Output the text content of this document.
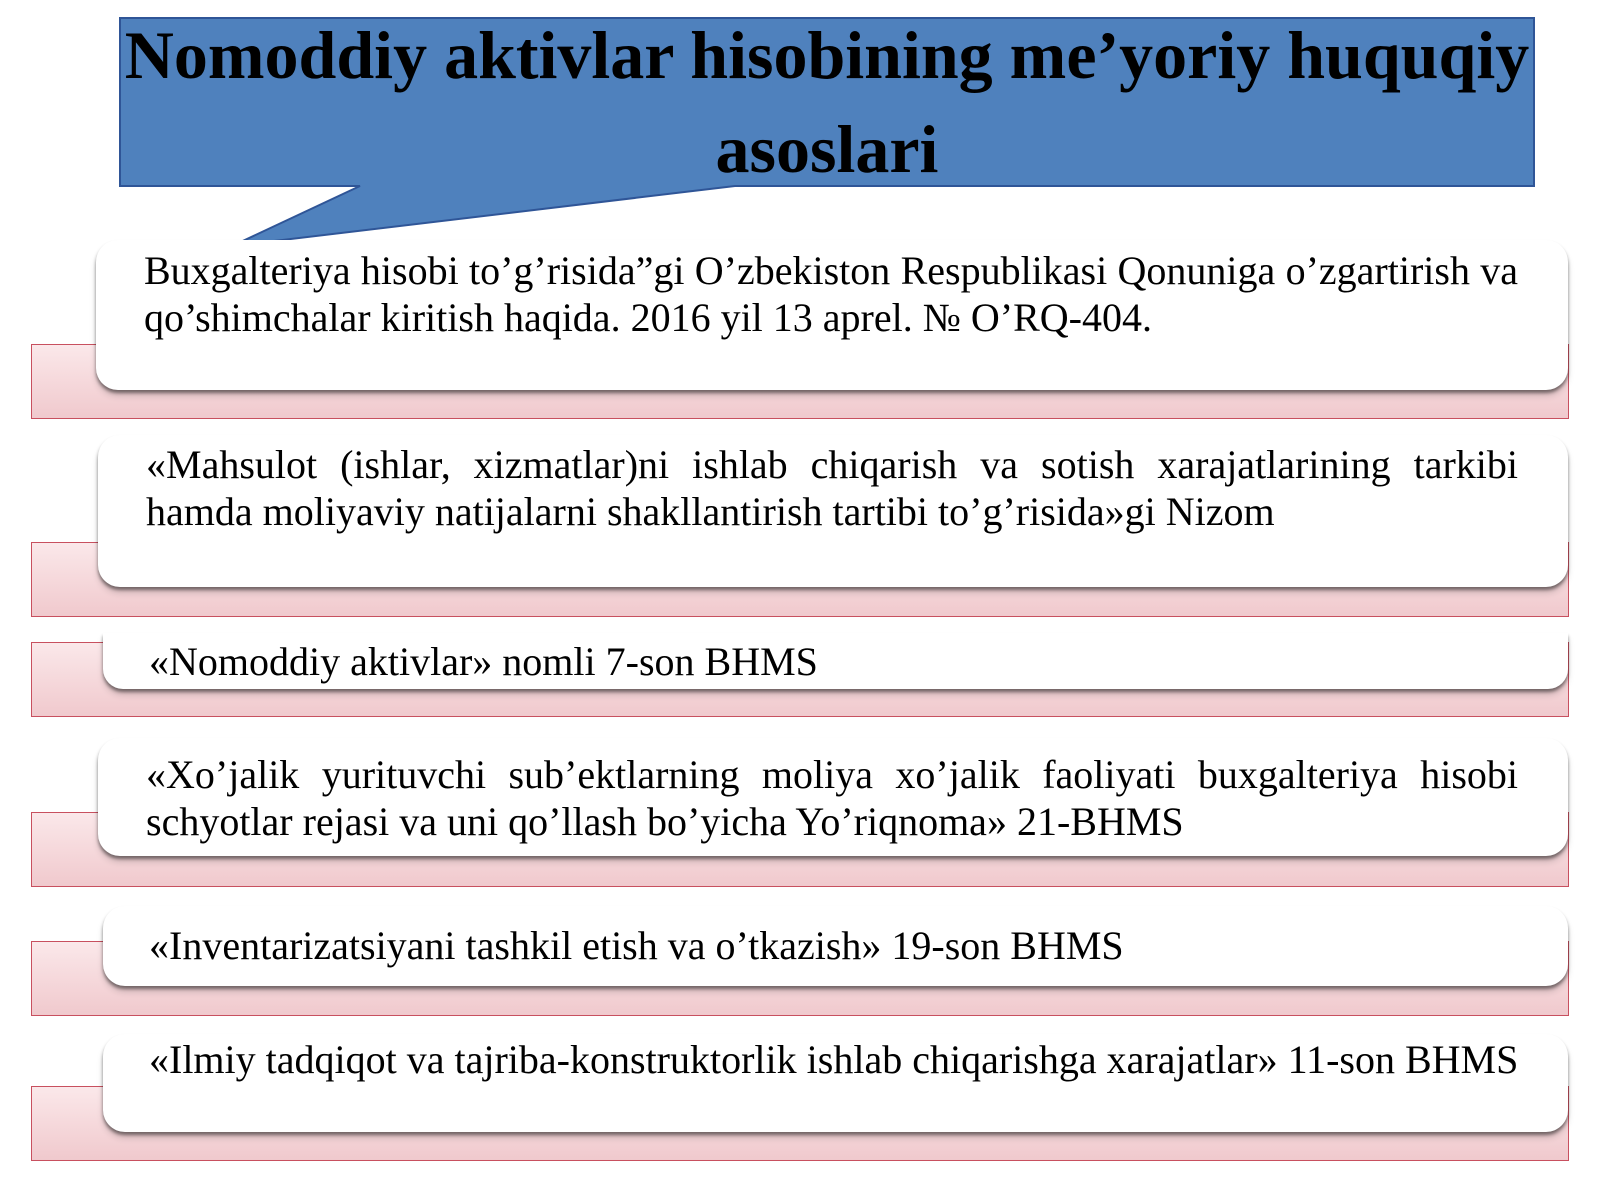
Nomoddiy aktivlar hisobining me’yoriy huquqiy asoslari
Buxgalteriya hisobi to’g’risida”gi O’zbekiston Respublikasi Qonuniga o’zgartirish va qo’shimchalar kiritish haqida. 2016 yil 13 aprel. № O’RQ-404.
«Mahsulot (ishlar, xizmatlar)ni ishlab chiqarish va sotish xarajatlarining tarkibi hamda moliyaviy natijalarni shakllantirish tartibi to’g’risida»gi Nizom
«Nomoddiy aktivlar» nomli 7-son BHMS
«Xo’jalik yurituvchi sub’ektlarning moliya xo’jalik faoliyati buxgalteriya hisobi schyotlar rejasi va uni qo’llash bo’yicha Yo’riqnoma» 21-BHMS
«Inventarizatsiyani tashkil etish va o’tkazish» 19-son BHMS
«Ilmiy tadqiqot va tajriba-konstruktorlik ishlab chiqarishga xarajatlar» 11-son BHMS
